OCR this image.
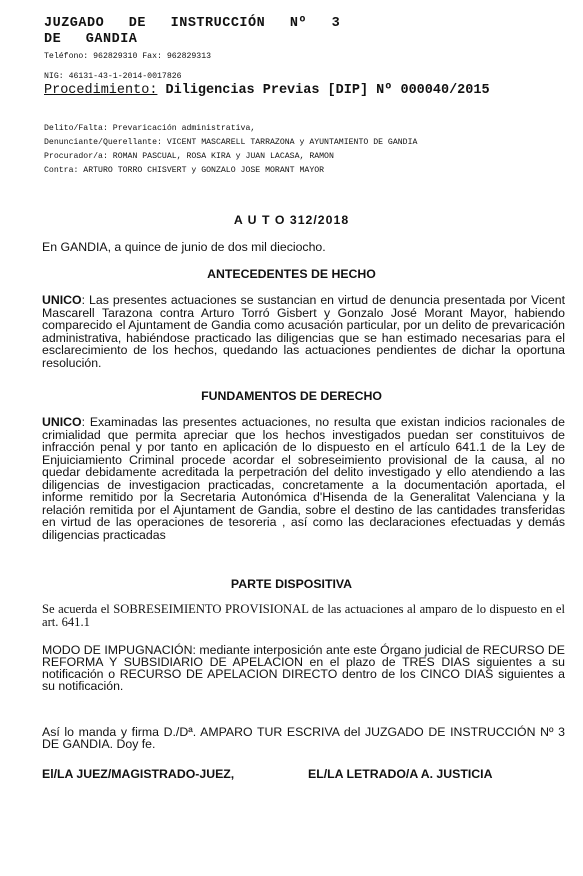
JUZGADO DE INSTRUCCIÓN Nº 3 DE GANDIA

Teléfono: 962829310 Fax: 962829313

NIG: 46131-43-1-2014-0017826

Procedimiento: Diligencias Previas [DIP] Nº 000040/2015

Delito/Falta: Prevaricación administrativa,

Denunciante/Querellante: VICENT MASCARELL TARRAZONA y AYUNTAMIENTO DE GANDIA

Procurador/a: ROMAN PASCUAL, ROSA KIRA y JUAN LACASA, RAMON

Contra: ARTURO TORRO CHISVERT y GONZALO JOSE MORANT MAYOR

A U T O 312/2018

En GANDIA, a quince de junio de dos mil dieciocho.

ANTECEDENTES DE HECHO

UNICO: Las presentes actuaciones se sustancian en virtud de denuncia presentada por Vicent Mascarell Tarazona contra Arturo Torró Gisbert y Gonzalo José Morant Mayor, habiendo comparecido el Ajuntament de Gandia como acusación particular, por un delito de prevaricación administrativa, habiéndose practicado las diligencias que se han estimado necesarias para el esclarecimiento de los hechos, quedando las actuaciones pendientes de dichar la oportuna resolución.

FUNDAMENTOS DE DERECHO

UNICO: Examinadas las presentes actuaciones, no resulta que existan indicios racionales de crimialidad que permita apreciar que los hechos investigados puedan ser constituivos de infracción penal y por tanto en aplicación de lo dispuesto en el artículo 641.1 de la Ley de Enjuiciamiento Criminal procede acordar el sobreseimiento provisional de la causa, al no quedar debidamente acreditada la perpetración del delito investigado y ello atendiendo a las diligencias de investigacion practicadas, concretamente a la documentación aportada, el informe remitido por la Secretaria Autonómica d'Hisenda de la Generalitat Valenciana y la relación remitida por el Ajuntament de Gandia, sobre el destino de las cantidades transferidas en virtud de las operaciones de tesoreria , así como las declaraciones efectuadas y demás diligencias practicadas

PARTE DISPOSITIVA

Se acuerda el SOBRESEIMIENTO PROVISIONAL de las actuaciones al amparo de lo dispuesto en el art. 641.1

MODO DE IMPUGNACIÓN: mediante interposición ante este Órgano judicial de RECURSO DE REFORMA Y SUBSIDIARIO DE APELACION en el plazo de TRES DIAS siguientes a su notificación o RECURSO DE APELACION DIRECTO dentro de los CINCO DIAS siguientes a su notificación.

Así lo manda y firma D./Dª. AMPARO TUR ESCRIVA del JUZGADO DE INSTRUCCIÓN Nº 3 DE GANDIA. Doy fe.

El/LA JUEZ/MAGISTRADO-JUEZ,	EL/LA LETRADO/A A. JUSTICIA
